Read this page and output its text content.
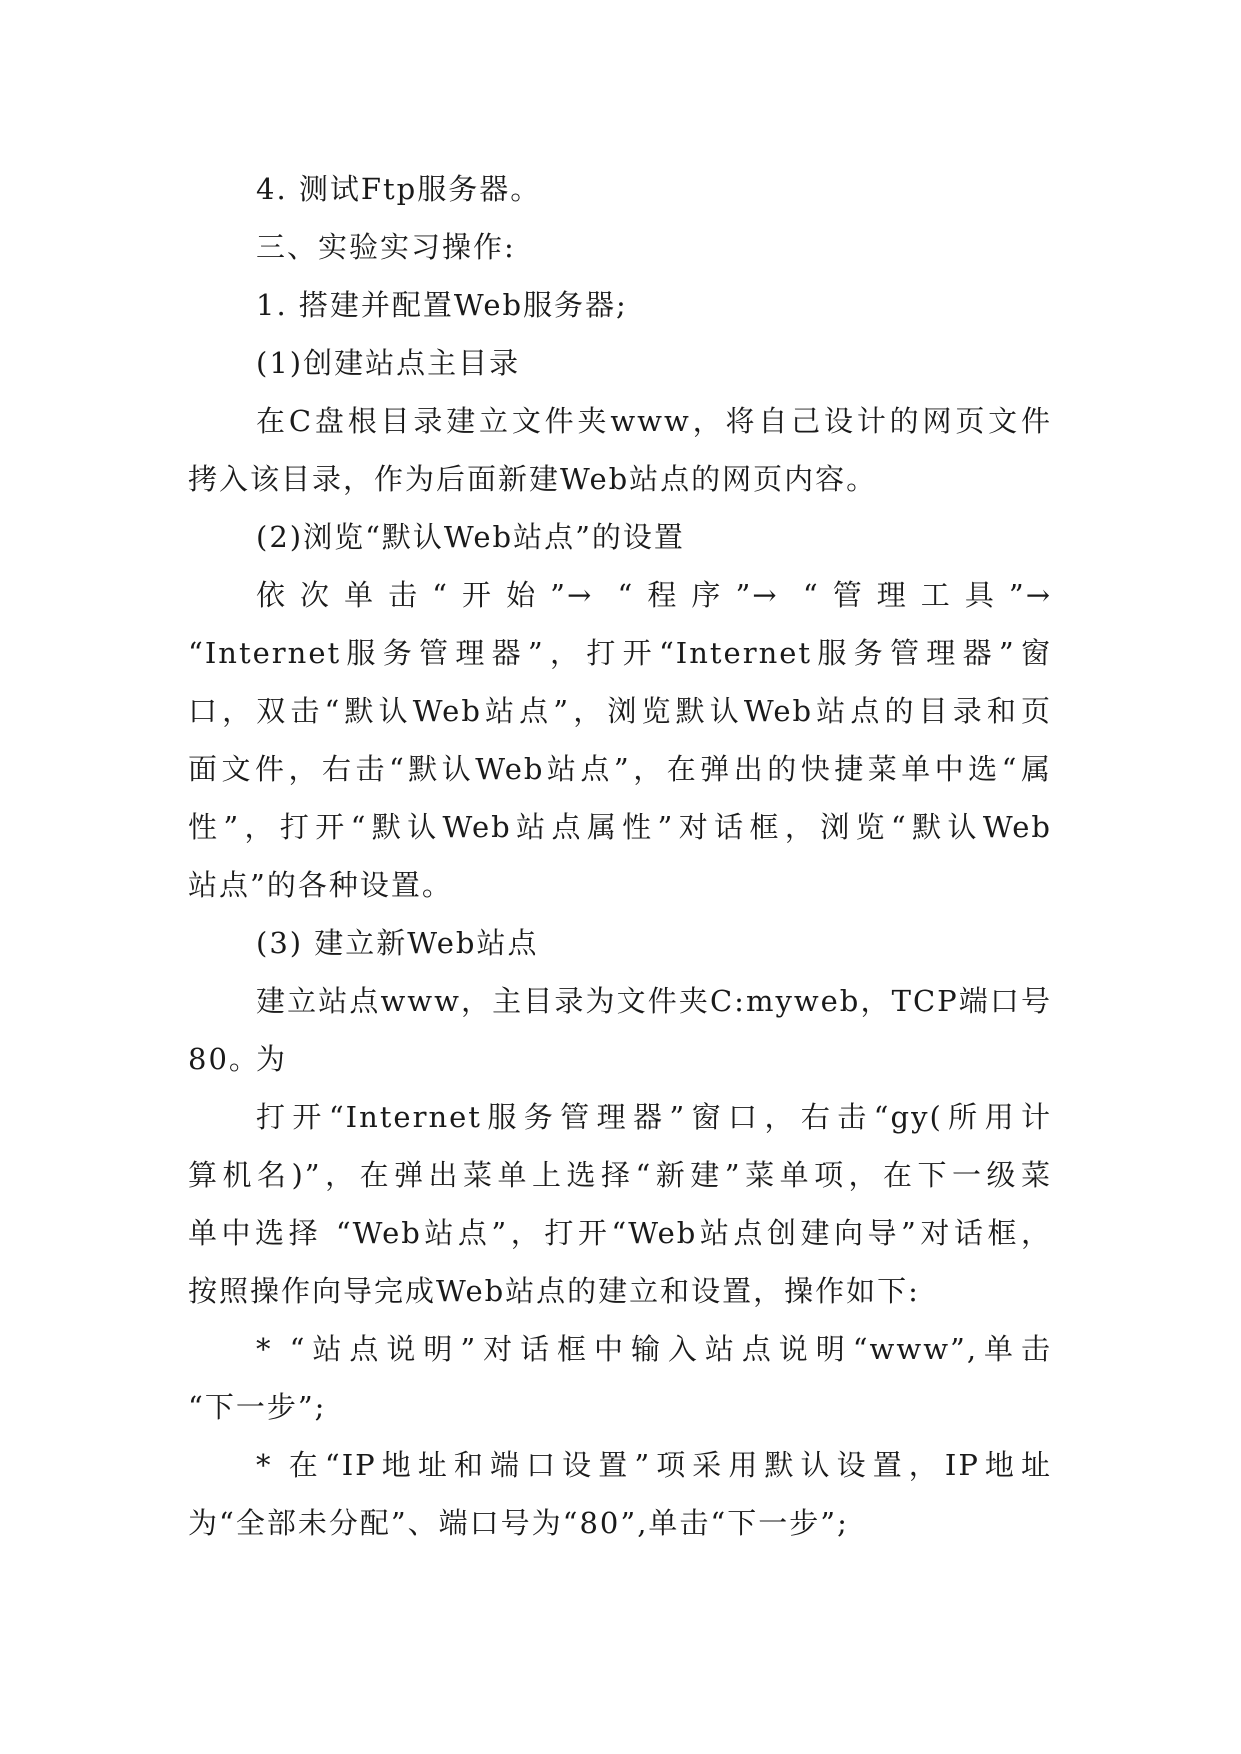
4. 测试Ftp服务器。
三、实验实习操作:
1. 搭建并配置Web服务器;
(1)创建站点主目录
在C盘根目录建立文件夹www，将自己设计的网页文件
拷入该目录，作为后面新建Web站点的网页内容。
(2)浏览“默认Web站点”的设置
依次单击“开始”→ “程序”→ “管理工具”→
“Internet服务管理器”，打开“Internet服务管理器”窗
口，双击“默认Web站点”，浏览默认Web站点的目录和页
面文件，右击“默认Web站点”，在弹出的快捷菜单中选“属
性”，打开“默认Web站点属性”对话框，浏览“默认Web
站点”的各种设置。
(3) 建立新Web站点
建立站点www，主目录为文件夹C:myweb，TCP端口号为
80。
打开“Internet服务管理器”窗口，右击“gy(所用计
算机名)”，在弹出菜单上选择“新建”菜单项，在下一级菜
单中选择 “Web站点”，打开“Web站点创建向导”对话框，
按照操作向导完成Web站点的建立和设置，操作如下:
* “站点说明”对话框中输入站点说明“www”,单击
“下一步”;
* 在“IP地址和端口设置”项采用默认设置，IP地址
为“全部未分配”、端口号为“80”,单击“下一步”;
